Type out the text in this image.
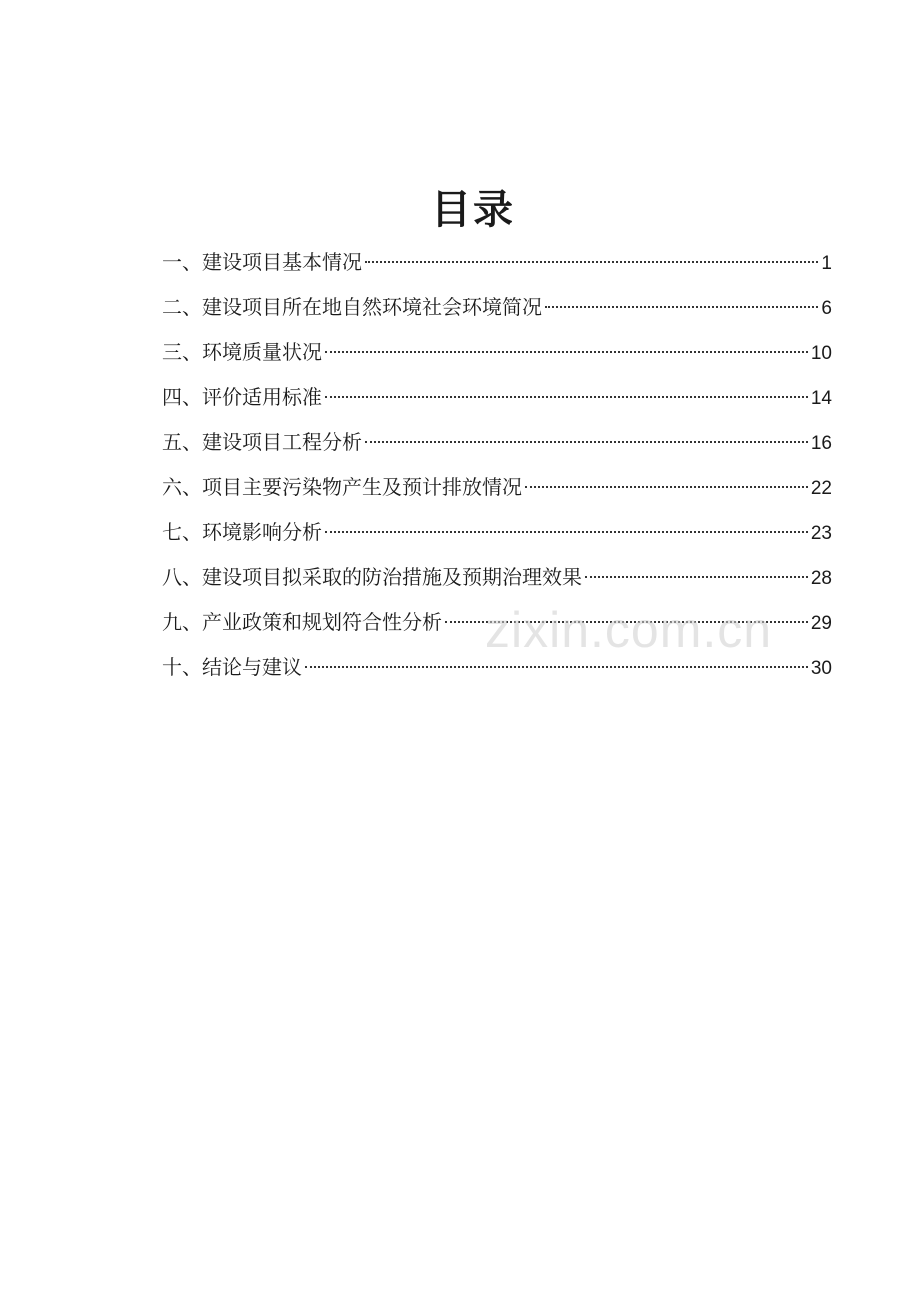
目录
一、建设项目基本情况	1
二、建设项目所在地自然环境社会环境简况	6
三、环境质量状况	10
四、评价适用标准	14
五、建设项目工程分析	16
六、项目主要污染物产生及预计排放情况	22
七、环境影响分析	23
八、建设项目拟采取的防治措施及预期治理效果	28
九、产业政策和规划符合性分析	29
十、结论与建议	30
zixin.com.cn
